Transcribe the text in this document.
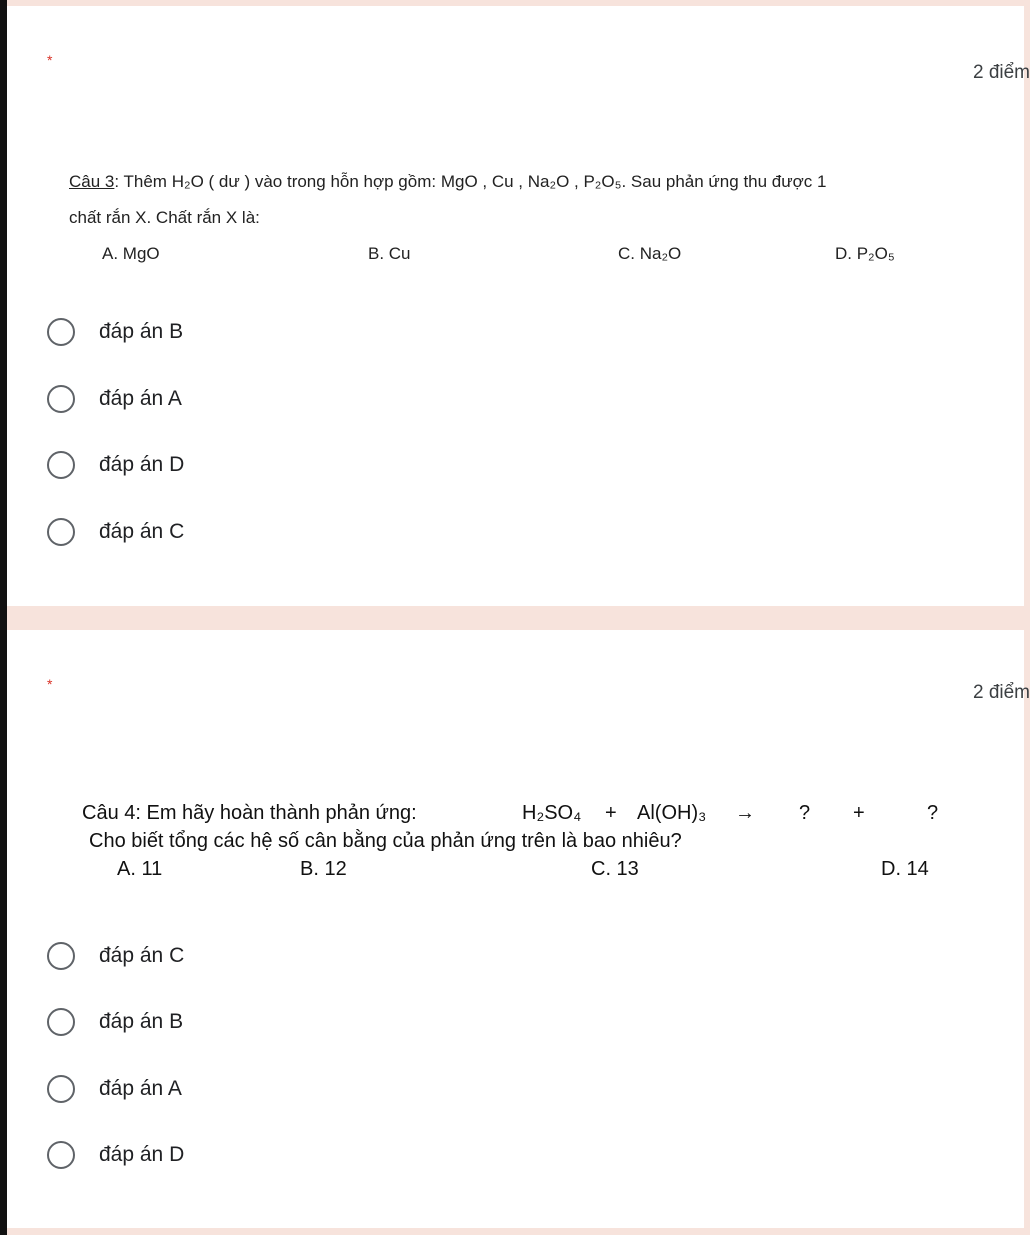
*
2 điểm
Câu 3: Thêm H₂O ( dư ) vào trong hỗn hợp gồm: MgO , Cu , Na₂O , P₂O₅. Sau phản ứng thu được 1
chất rắn X. Chất rắn X là:
A. MgO	B. Cu	C. Na₂O	D. P₂O₅
đáp án B
đáp án A
đáp án D
đáp án C
*	2 điểm
Câu 4: Em hãy hoàn thành phản ứng:	H₂SO₄ + Al(OH)₃ → ? +	?
Cho biết tổng các hệ số cân bằng của phản ứng trên là bao nhiêu?
A. 11	B. 12	C. 13	D. 14
đáp án C
đáp án B
đáp án A
đáp án D
